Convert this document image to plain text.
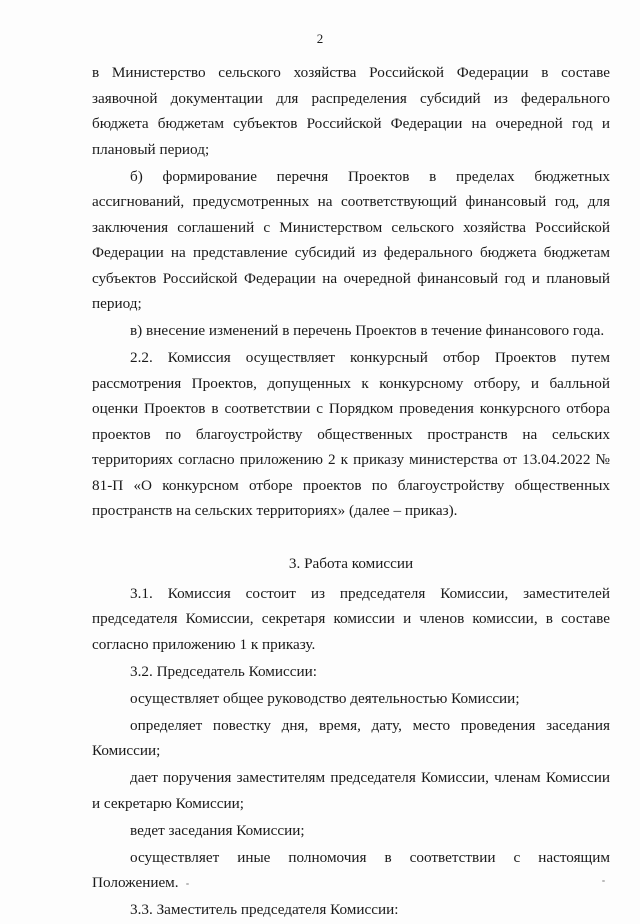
2

в Министерство сельского хозяйства Российской Федерации в составе заявочной документации для распределения субсидий из федерального бюджета бюджетам субъектов Российской Федерации на очередной год и плановый период;

б) формирование перечня Проектов в пределах бюджетных ассигнований, предусмотренных на соответствующий финансовый год, для заключения соглашений с Министерством сельского хозяйства Российской Федерации на представление субсидий из федерального бюджета бюджетам субъектов Российской Федерации на очередной финансовый год и плановый период;

в) внесение изменений в перечень Проектов в течение финансового года.

2.2. Комиссия осуществляет конкурсный отбор Проектов путем рассмотрения Проектов, допущенных к конкурсному отбору, и балльной оценки Проектов в соответствии с Порядком проведения конкурсного отбора проектов по благоустройству общественных пространств на сельских территориях согласно приложению 2 к приказу министерства от 13.04.2022 № 81-П «О конкурсном отборе проектов по благоустройству общественных пространств на сельских территориях» (далее – приказ).

3. Работа комиссии

3.1. Комиссия состоит из председателя Комиссии, заместителей председателя Комиссии, секретаря комиссии и членов комиссии, в составе согласно приложению 1 к приказу.

3.2. Председатель Комиссии:

осуществляет общее руководство деятельностью Комиссии;

определяет повестку дня, время, дату, место проведения заседания Комиссии;

дает поручения заместителям председателя Комиссии, членам Комиссии и секретарю Комиссии;

ведет заседания Комиссии;

осуществляет иные полномочия в соответствии с настоящим Положением.

3.3. Заместитель председателя Комиссии:
